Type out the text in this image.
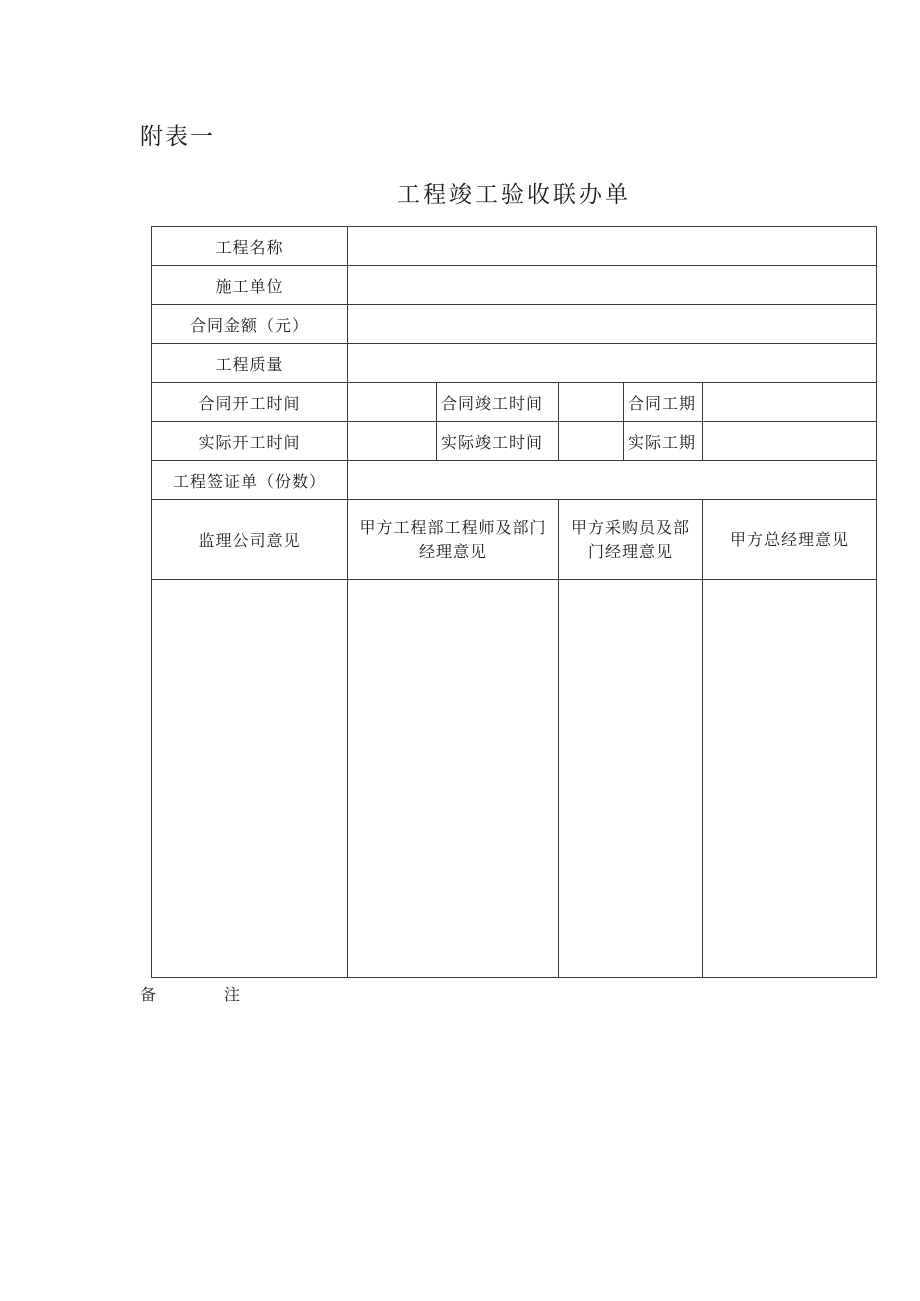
附表一
工程竣工验收联办单
工程名称					
施工单位					
合同金额（元）					
工程质量					
合同开工时间		合同竣工时间		合同工期	
实际开工时间		实际竣工时间		实际工期	
工程签证单（份数）					
监理公司意见	甲方工程部工程师及部门经理意见		甲方采购员及部门经理意见		甲方总经理意见

备	注
